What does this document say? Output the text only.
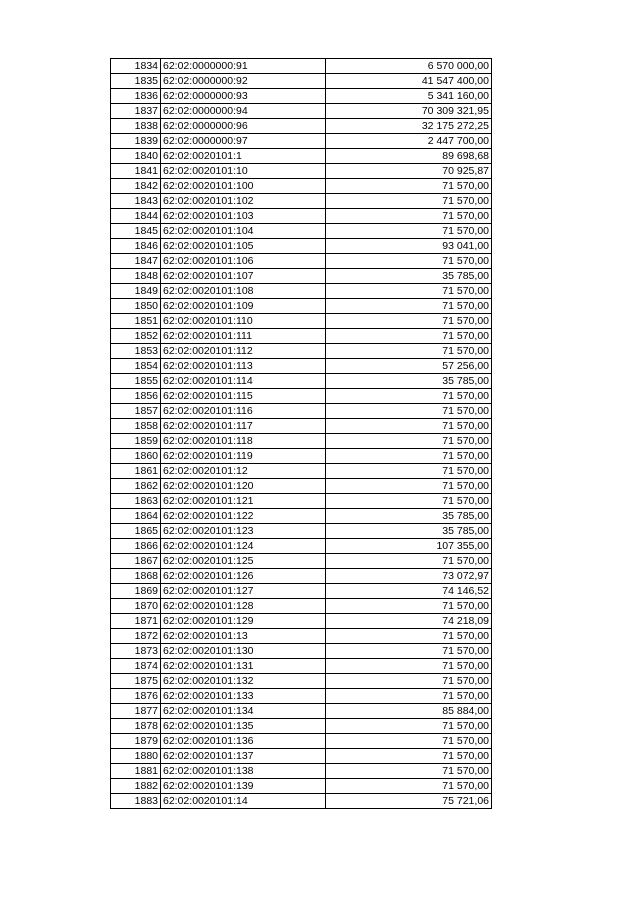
1834	62:02:0000000:91	6 570 000,00
1835	62:02:0000000:92	41 547 400,00
1836	62:02:0000000:93	5 341 160,00
1837	62:02:0000000:94	70 309 321,95
1838	62:02:0000000:96	32 175 272,25
1839	62:02:0000000:97	2 447 700,00
1840	62:02:0020101:1	89 698,68
1841	62:02:0020101:10	70 925,87
1842	62:02:0020101:100	71 570,00
1843	62:02:0020101:102	71 570,00
1844	62:02:0020101:103	71 570,00
1845	62:02:0020101:104	71 570,00
1846	62:02:0020101:105	93 041,00
1847	62:02:0020101:106	71 570,00
1848	62:02:0020101:107	35 785,00
1849	62:02:0020101:108	71 570,00
1850	62:02:0020101:109	71 570,00
1851	62:02:0020101:110	71 570,00
1852	62:02:0020101:111	71 570,00
1853	62:02:0020101:112	71 570,00
1854	62:02:0020101:113	57 256,00
1855	62:02:0020101:114	35 785,00
1856	62:02:0020101:115	71 570,00
1857	62:02:0020101:116	71 570,00
1858	62:02:0020101:117	71 570,00
1859	62:02:0020101:118	71 570,00
1860	62:02:0020101:119	71 570,00
1861	62:02:0020101:12	71 570,00
1862	62:02:0020101:120	71 570,00
1863	62:02:0020101:121	71 570,00
1864	62:02:0020101:122	35 785,00
1865	62:02:0020101:123	35 785,00
1866	62:02:0020101:124	107 355,00
1867	62:02:0020101:125	71 570,00
1868	62:02:0020101:126	73 072,97
1869	62:02:0020101:127	74 146,52
1870	62:02:0020101:128	71 570,00
1871	62:02:0020101:129	74 218,09
1872	62:02:0020101:13	71 570,00
1873	62:02:0020101:130	71 570,00
1874	62:02:0020101:131	71 570,00
1875	62:02:0020101:132	71 570,00
1876	62:02:0020101:133	71 570,00
1877	62:02:0020101:134	85 884,00
1878	62:02:0020101:135	71 570,00
1879	62:02:0020101:136	71 570,00
1880	62:02:0020101:137	71 570,00
1881	62:02:0020101:138	71 570,00
1882	62:02:0020101:139	71 570,00
1883	62:02:0020101:14	75 721,06
